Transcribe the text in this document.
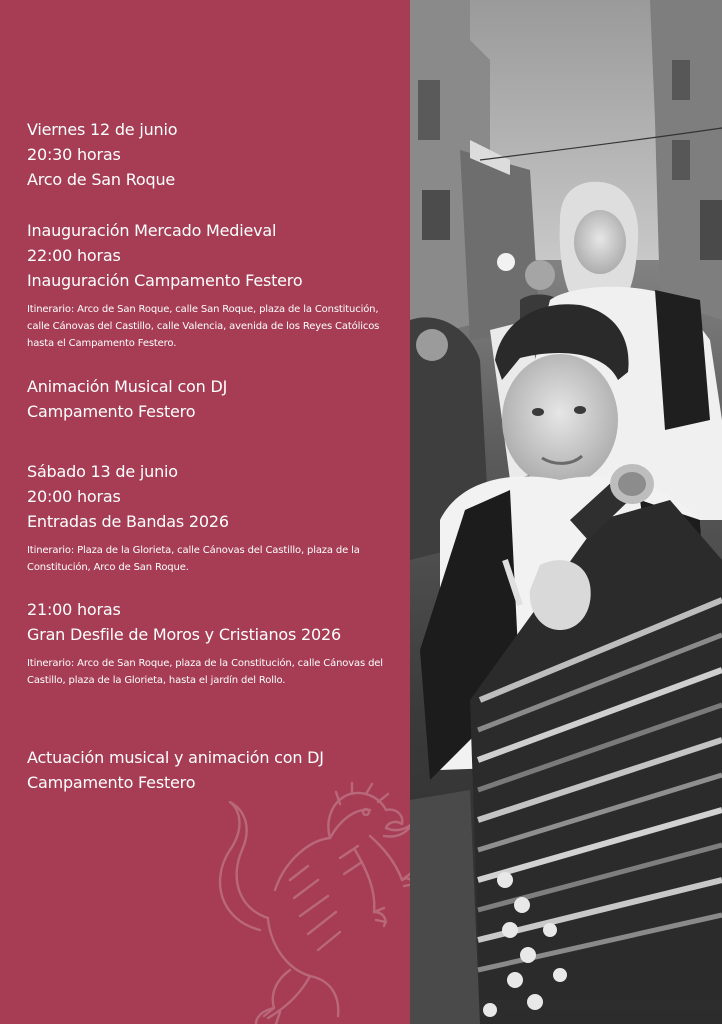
Viernes 12 de junio
20:30 horas
Arco de San Roque
Inauguración Mercado Medieval
22:00 horas
Inauguración Campamento Festero
Itinerario: Arco de San Roque, calle San Roque, plaza de la Constitución, calle Cánovas del Castillo, calle Valencia, avenida de los Reyes Católicos hasta el Campamento Festero.
Animación Musical con DJ
Campamento Festero
Sábado 13 de junio
20:00 horas
Entradas de Bandas 2026
Itinerario: Plaza de la Glorieta, calle Cánovas del Castillo, plaza de la Constitución, Arco de San Roque.
21:00 horas
Gran Desfile de Moros y Cristianos 2026
Itinerario: Arco de San Roque, plaza de la Constitución, calle Cánovas del Castillo, plaza de la Glorieta, hasta el jardín del Rollo.
Actuación musical y animación con DJ
Campamento Festero
